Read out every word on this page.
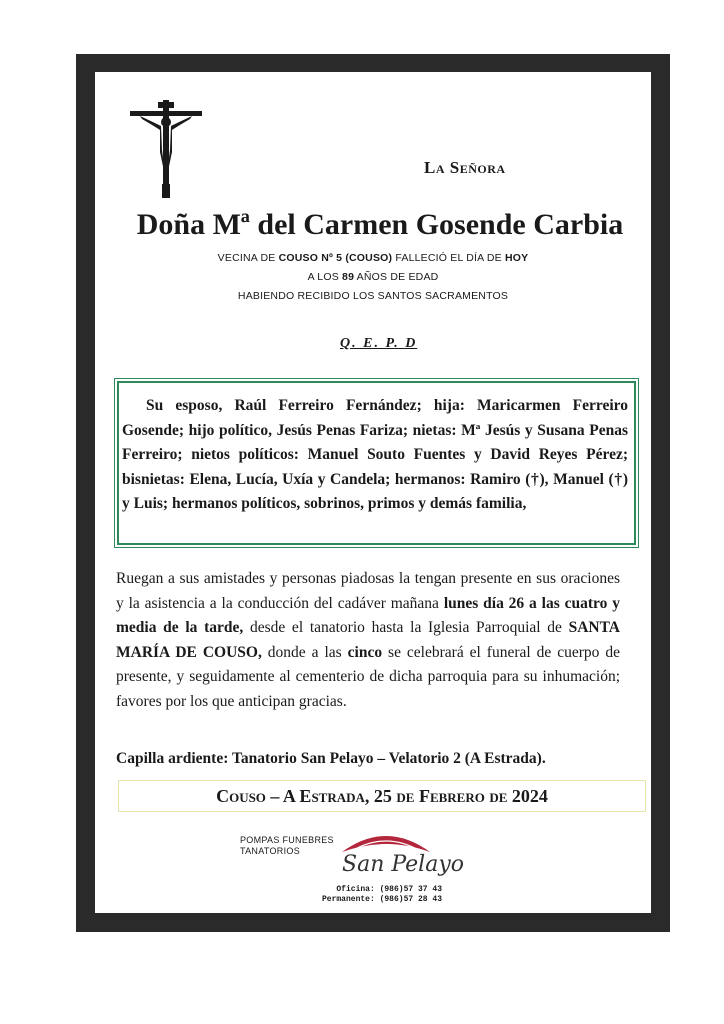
La Señora
Doña Mª del Carmen Gosende Carbia
VECINA DE COUSO Nº 5 (COUSO) FALLECIÓ EL DÍA DE HOY
A LOS 89 AÑOS DE EDAD
HABIENDO RECIBIDO LOS SANTOS SACRAMENTOS
Q. E. P. D
Su esposo, Raúl Ferreiro Fernández; hija: Maricarmen Ferreiro Gosende; hijo político, Jesús Penas Fariza; nietas: Mª Jesús y Susana Penas Ferreiro; nietos políticos: Manuel Souto Fuentes y David Reyes Pérez; bisnietas: Elena, Lucía, Uxía y Candela; hermanos: Ramiro (†), Manuel (†) y Luis; hermanos políticos, sobrinos, primos y demás familia,
Ruegan a sus amistades y personas piadosas la tengan presente en sus oraciones y la asistencia a la conducción del cadáver mañana lunes día 26 a las cuatro y media de la tarde, desde el tanatorio hasta la Iglesia Parroquial de SANTA MARÍA DE COUSO, donde a las cinco se celebrará el funeral de cuerpo de presente, y seguidamente al cementerio de dicha parroquia para su inhumación; favores por los que anticipan gracias.
Capilla ardiente: Tanatorio San Pelayo – Velatorio 2 (A Estrada).
Couso – A Estrada, 25 de Febrero de 2024
POMPAS FUNEBRES
TANATORIOS
San Pelayo
Oficina: (986)57 37 43
Permanente: (986)57 28 43
